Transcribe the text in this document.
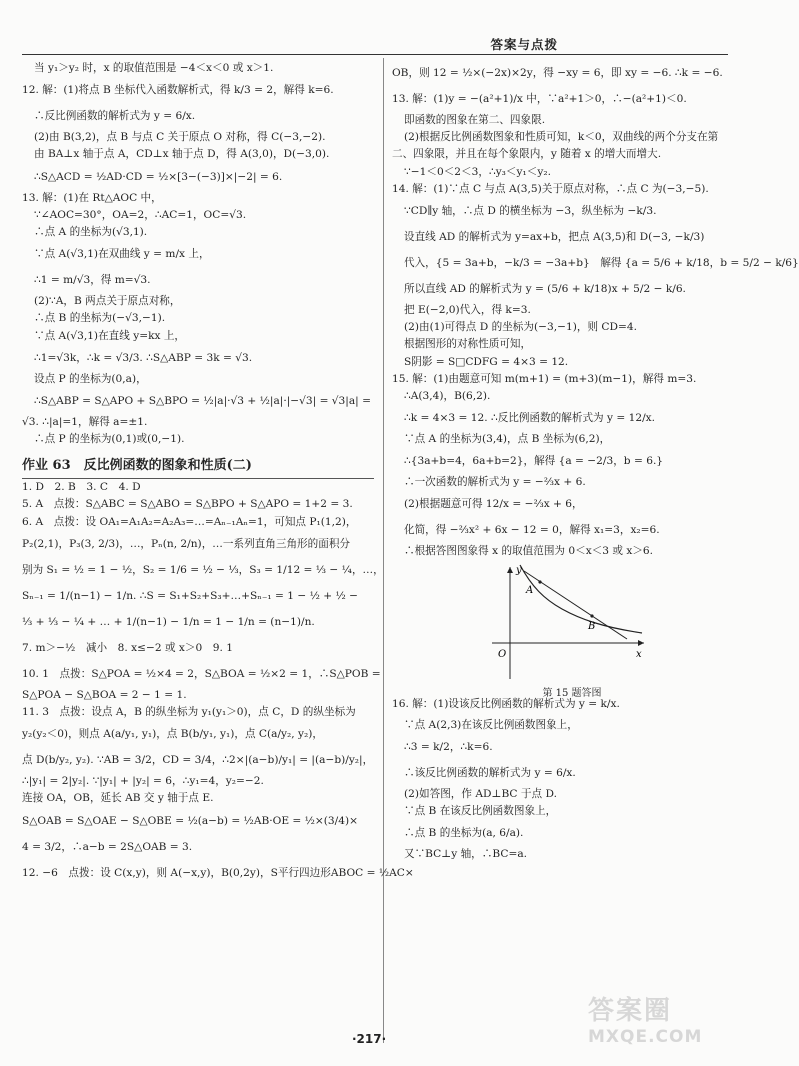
答案与点拨
当 y₁＞y₂ 时，x 的取值范围是 −4＜x＜0 或 x＞1.
12. 解：(1)将点 B 坐标代入函数解析式，得 k/3 = 2，解得 k=6.
∴反比例函数的解析式为 y = 6/x.
(2)由 B(3,2)，点 B 与点 C 关于原点 O 对称，得 C(−3,−2).
由 BA⊥x 轴于点 A，CD⊥x 轴于点 D，得 A(3,0)，D(−3,0).
∴S△ACD = ½AD·CD = ½×[3−(−3)]×|−2| = 6.
13. 解：(1)在 Rt△AOC 中，
∵∠AOC=30°，OA=2，∴AC=1，OC=√3.
∴点 A 的坐标为(√3,1).
∵点 A(√3,1)在双曲线 y = m/x 上，
∴1 = m/√3，得 m=√3.
(2)∵A，B 两点关于原点对称，
∴点 B 的坐标为(−√3,−1).
∵点 A(√3,1)在直线 y=kx 上，
∴1=√3k，∴k = √3/3. ∴S△ABP = 3k = √3.
设点 P 的坐标为(0,a)，
∴S△ABP = S△APO + S△BPO = ½|a|·√3 + ½|a|·|−√3| = √3|a| =
√3. ∴|a|=1，解得 a=±1.
∴点 P 的坐标为(0,1)或(0,−1).
作业 63　反比例函数的图象和性质(二)
1. D　2. B　3. C　4. D
5. A　点拨：S△ABC = S△ABO = S△BPO + S△APO = 1+2 = 3.
6. A　点拨：设 OA₁=A₁A₂=A₂A₃=…=Aₙ₋₁Aₙ=1，可知点 P₁(1,2)，
P₂(2,1)，P₃(3, 2/3)，…，Pₙ(n, 2/n)，…一系列直角三角形的面积分
别为 S₁ = ½ = 1 − ½，S₂ = 1/6 = ½ − ⅓，S₃ = 1/12 = ⅓ − ¼，…，
Sₙ₋₁ = 1/(n−1) − 1/n. ∴S = S₁+S₂+S₃+…+Sₙ₋₁ = 1 − ½ + ½ −
⅓ + ⅓ − ¼ + … + 1/(n−1) − 1/n = 1 − 1/n = (n−1)/n.
7. m＞−½　减小　8. x≤−2 或 x＞0　9. 1
10. 1　点拨：S△POA = ½×4 = 2，S△BOA = ½×2 = 1，∴S△POB =
S△POA − S△BOA = 2 − 1 = 1.
11. 3　点拨：设点 A，B 的纵坐标为 y₁(y₁＞0)，点 C，D 的纵坐标为
y₂(y₂＜0)，则点 A(a/y₁, y₁)，点 B(b/y₁, y₁)，点 C(a/y₂, y₂)，
点 D(b/y₂, y₂). ∵AB = 3/2，CD = 3/4，∴2×|(a−b)/y₁| = |(a−b)/y₂|，
∴|y₁| = 2|y₂|. ∵|y₁| + |y₂| = 6，∴y₁=4，y₂=−2.
连接 OA，OB，延长 AB 交 y 轴于点 E.
S△OAB = S△OAE − S△OBE = ½(a−b) = ½AB·OE = ½×(3/4)×
4 = 3/2，∴a−b = 2S△OAB = 3.
12. −6　点拨：设 C(x,y)，则 A(−x,y)，B(0,2y)，S平行四边形ABOC = ½AC×
OB，则 12 = ½×(−2x)×2y，得 −xy = 6，即 xy = −6. ∴k = −6.
13. 解：(1)y = −(a²+1)/x 中，∵a²+1＞0，∴−(a²+1)＜0.
即函数的图象在第二、四象限.
(2)根据反比例函数图象和性质可知，k＜0，双曲线的两个分支在第
二、四象限，并且在每个象限内，y 随着 x 的增大而增大.
∵−1＜0＜2＜3，∴y₃＜y₁＜y₂.
14. 解：(1)∵点 C 与点 A(3,5)关于原点对称，∴点 C 为(−3,−5).
∵CD∥y 轴，∴点 D 的横坐标为 −3，纵坐标为 −k/3.
设直线 AD 的解析式为 y=ax+b，把点 A(3,5)和 D(−3, −k/3)
代入，{5 = 3a+b，−k/3 = −3a+b}　解得 {a = 5/6 + k/18，b = 5/2 − k/6}
所以直线 AD 的解析式为 y = (5/6 + k/18)x + 5/2 − k/6.
把 E(−2,0)代入，得 k=3.
(2)由(1)可得点 D 的坐标为(−3,−1)，则 CD=4.
根据图形的对称性质可知，
S阴影 = S□CDFG = 4×3 = 12.
15. 解：(1)由题意可知 m(m+1) = (m+3)(m−1)，解得 m=3.
∴A(3,4)，B(6,2).
∴k = 4×3 = 12. ∴反比例函数的解析式为 y = 12/x.
∵点 A 的坐标为(3,4)，点 B 坐标为(6,2)，
∴{3a+b=4，6a+b=2}，解得 {a = −2/3，b = 6.}
∴一次函数的解析式为 y = −⅔x + 6.
(2)根据题意可得 12/x = −⅔x + 6，
化简，得 −⅔x² + 6x − 12 = 0，解得 x₁=3，x₂=6.
∴根据答图图象得 x 的取值范围为 0＜x＜3 或 x＞6.
A
B
O	x
y
第 15 题答图
16. 解：(1)设该反比例函数的解析式为 y = k/x.
∵点 A(2,3)在该反比例函数图象上，
∴3 = k/2，∴k=6.
∴该反比例函数的解析式为 y = 6/x.
(2)如答图，作 AD⊥BC 于点 D.
∵点 B 在该反比例函数图象上，
∴点 B 的坐标为(a, 6/a).
又∵BC⊥y 轴，∴BC=a.
·217·
答案圈
MXQE.COM
